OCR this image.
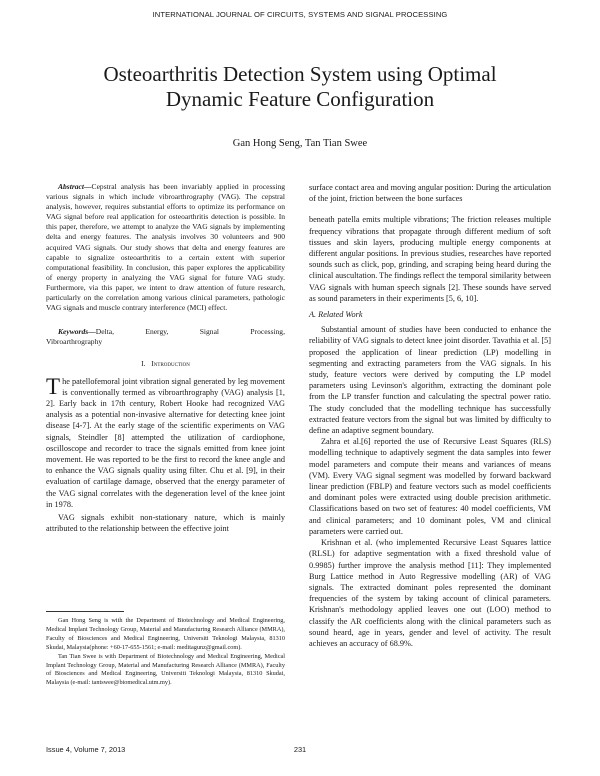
INTERNATIONAL JOURNAL OF CIRCUITS, SYSTEMS AND SIGNAL PROCESSING
Osteoarthritis Detection System using Optimal
Dynamic Feature Configuration
Gan Hong Seng, Tan Tian Swee

Abstract—Cepstral analysis has been invariably applied in processing various signals in which include vibroarthrography (VAG). The cepstral analysis, however, requires substantial efforts to optimize its performance on VAG signal before real application for osteoarthritis detection is possible. In this paper, therefore, we attempt to analyze the VAG signals by implementing delta and energy features. The analysis involves 30 volunteers and 900 acquired VAG signals. Our study shows that delta and energy features are capable to signalize osteoarthritis to a certain extent with superior computational feasibility. In conclusion, this paper explores the applicability of energy property in analyzing the VAG signal for future VAG study. Furthermore, via this paper, we intent to draw attention of future research, particularly on the correlation among various clinical parameters, pathologic VAG signals and muscle contrary interference (MCI) effect.

Keywords—Delta,	Energy,	Signal	Processing,

Vibroarthrography

I. Introduction

The patellofemoral joint vibration signal generated by leg movement is conventionally termed as vibroarthrography (VAG) analysis [1, 2]. Early back in 17th century, Robert Hooke had recognized VAG analysis as a potential non-invasive alternative for detecting knee joint disease [4-7]. At the early stage of the scientific experiments on VAG signals, Steindler [8] attempted the utilization of cardiophone, oscilloscope and recorder to trace the signals emitted from knee joint movement. He was reported to be the first to record the knee angle and to enhance the VAG signals quality using filter. Chu et al. [9], in their evaluation of cartilage damage, observed that the energy parameter of the VAG signal correlates with the degeneration level of the knee joint in 1978.

VAG signals exhibit non-stationary nature, which is mainly attributed to the relationship between the effective joint

Gan Hong Seng is with the Department of Biotechnology and Medical Engineering, Medical Implant Technology Group, Material and Manufacturing Research Alliance (MMRA), Faculty of Biosciences and Medical Engineering, Universiti Teknologi Malaysia, 81310 Skudai, Malaysia(phone: +60-17-655-1561; e-mail: meditagunz@gmail.com).

Tan Tian Swee is with Department of Biotechnology and Medical Engineering, Medical Implant Technology Group, Material and Manufacturing Research Alliance (MMRA), Faculty of Biosciences and Medical Engineering, Universiti Teknologi Malaysia, 81310 Skudai, Malaysia (e-mail: tantswee@biomedical.utm.my).

surface contact area and moving angular position: During the articulation of the joint, friction between the bone surfaces

beneath patella emits multiple vibrations; The friction releases multiple frequency vibrations that propagate through different medium of soft tissues and skin layers, producing multiple energy components at different angular positions. In previous studies, researches have reported sounds such as click, pop, grinding, and scraping being heard during the clinical auscultation. The findings reflect the temporal similarity between VAG signals with human speech signals [2]. These sounds have served as sound parameters in their experiments [5, 6, 10].

A. Related Work

Substantial amount of studies have been conducted to enhance the reliability of VAG signals to detect knee joint disorder. Tavathia et al. [5] proposed the application of linear prediction (LP) modelling in segmenting and extracting parameters from the VAG signals. In his study, feature vectors were derived by computing the LP model parameters using Levinson's algorithm, extracting the dominant pole from the LP transfer function and calculating the spectral power ratio. The study concluded that the modelling technique has successfully extracted feature vectors from the signal but was limited by difficulty to define an adaptive segment boundary.

Zahra et al.[6] reported the use of Recursive Least Squares (RLS) modelling technique to adaptively segment the data samples into fewer model parameters and compute their means and variances of means (VM). Every VAG signal segment was modelled by forward backward linear prediction (FBLP) and feature vectors such as model coefficients and dominant poles were extracted using double precision arithmetic. Classifications based on two set of features: 40 model coefficients, VM and clinical parameters; and 10 dominant poles, VM and clinical parameters were carried out.

Krishnan et al. (who implemented Recursive Least Squares lattice (RLSL) for adaptive segmentation with a fixed threshold value of 0.9985) further improve the analysis method [11]: They implemented Burg Lattice method in Auto Regressive modelling (AR) of VAG signals. The extracted dominant poles represented the dominant frequencies of the system by taking account of clinical parameters. Krishnan's methodology applied leaves one out (LOO) method to classify the AR coefficients along with the clinical parameters such as sound heard, age in years, gender and level of activity. The result achieves an accuracy of 68.9%.

Issue 4, Volume 7, 2013	231
